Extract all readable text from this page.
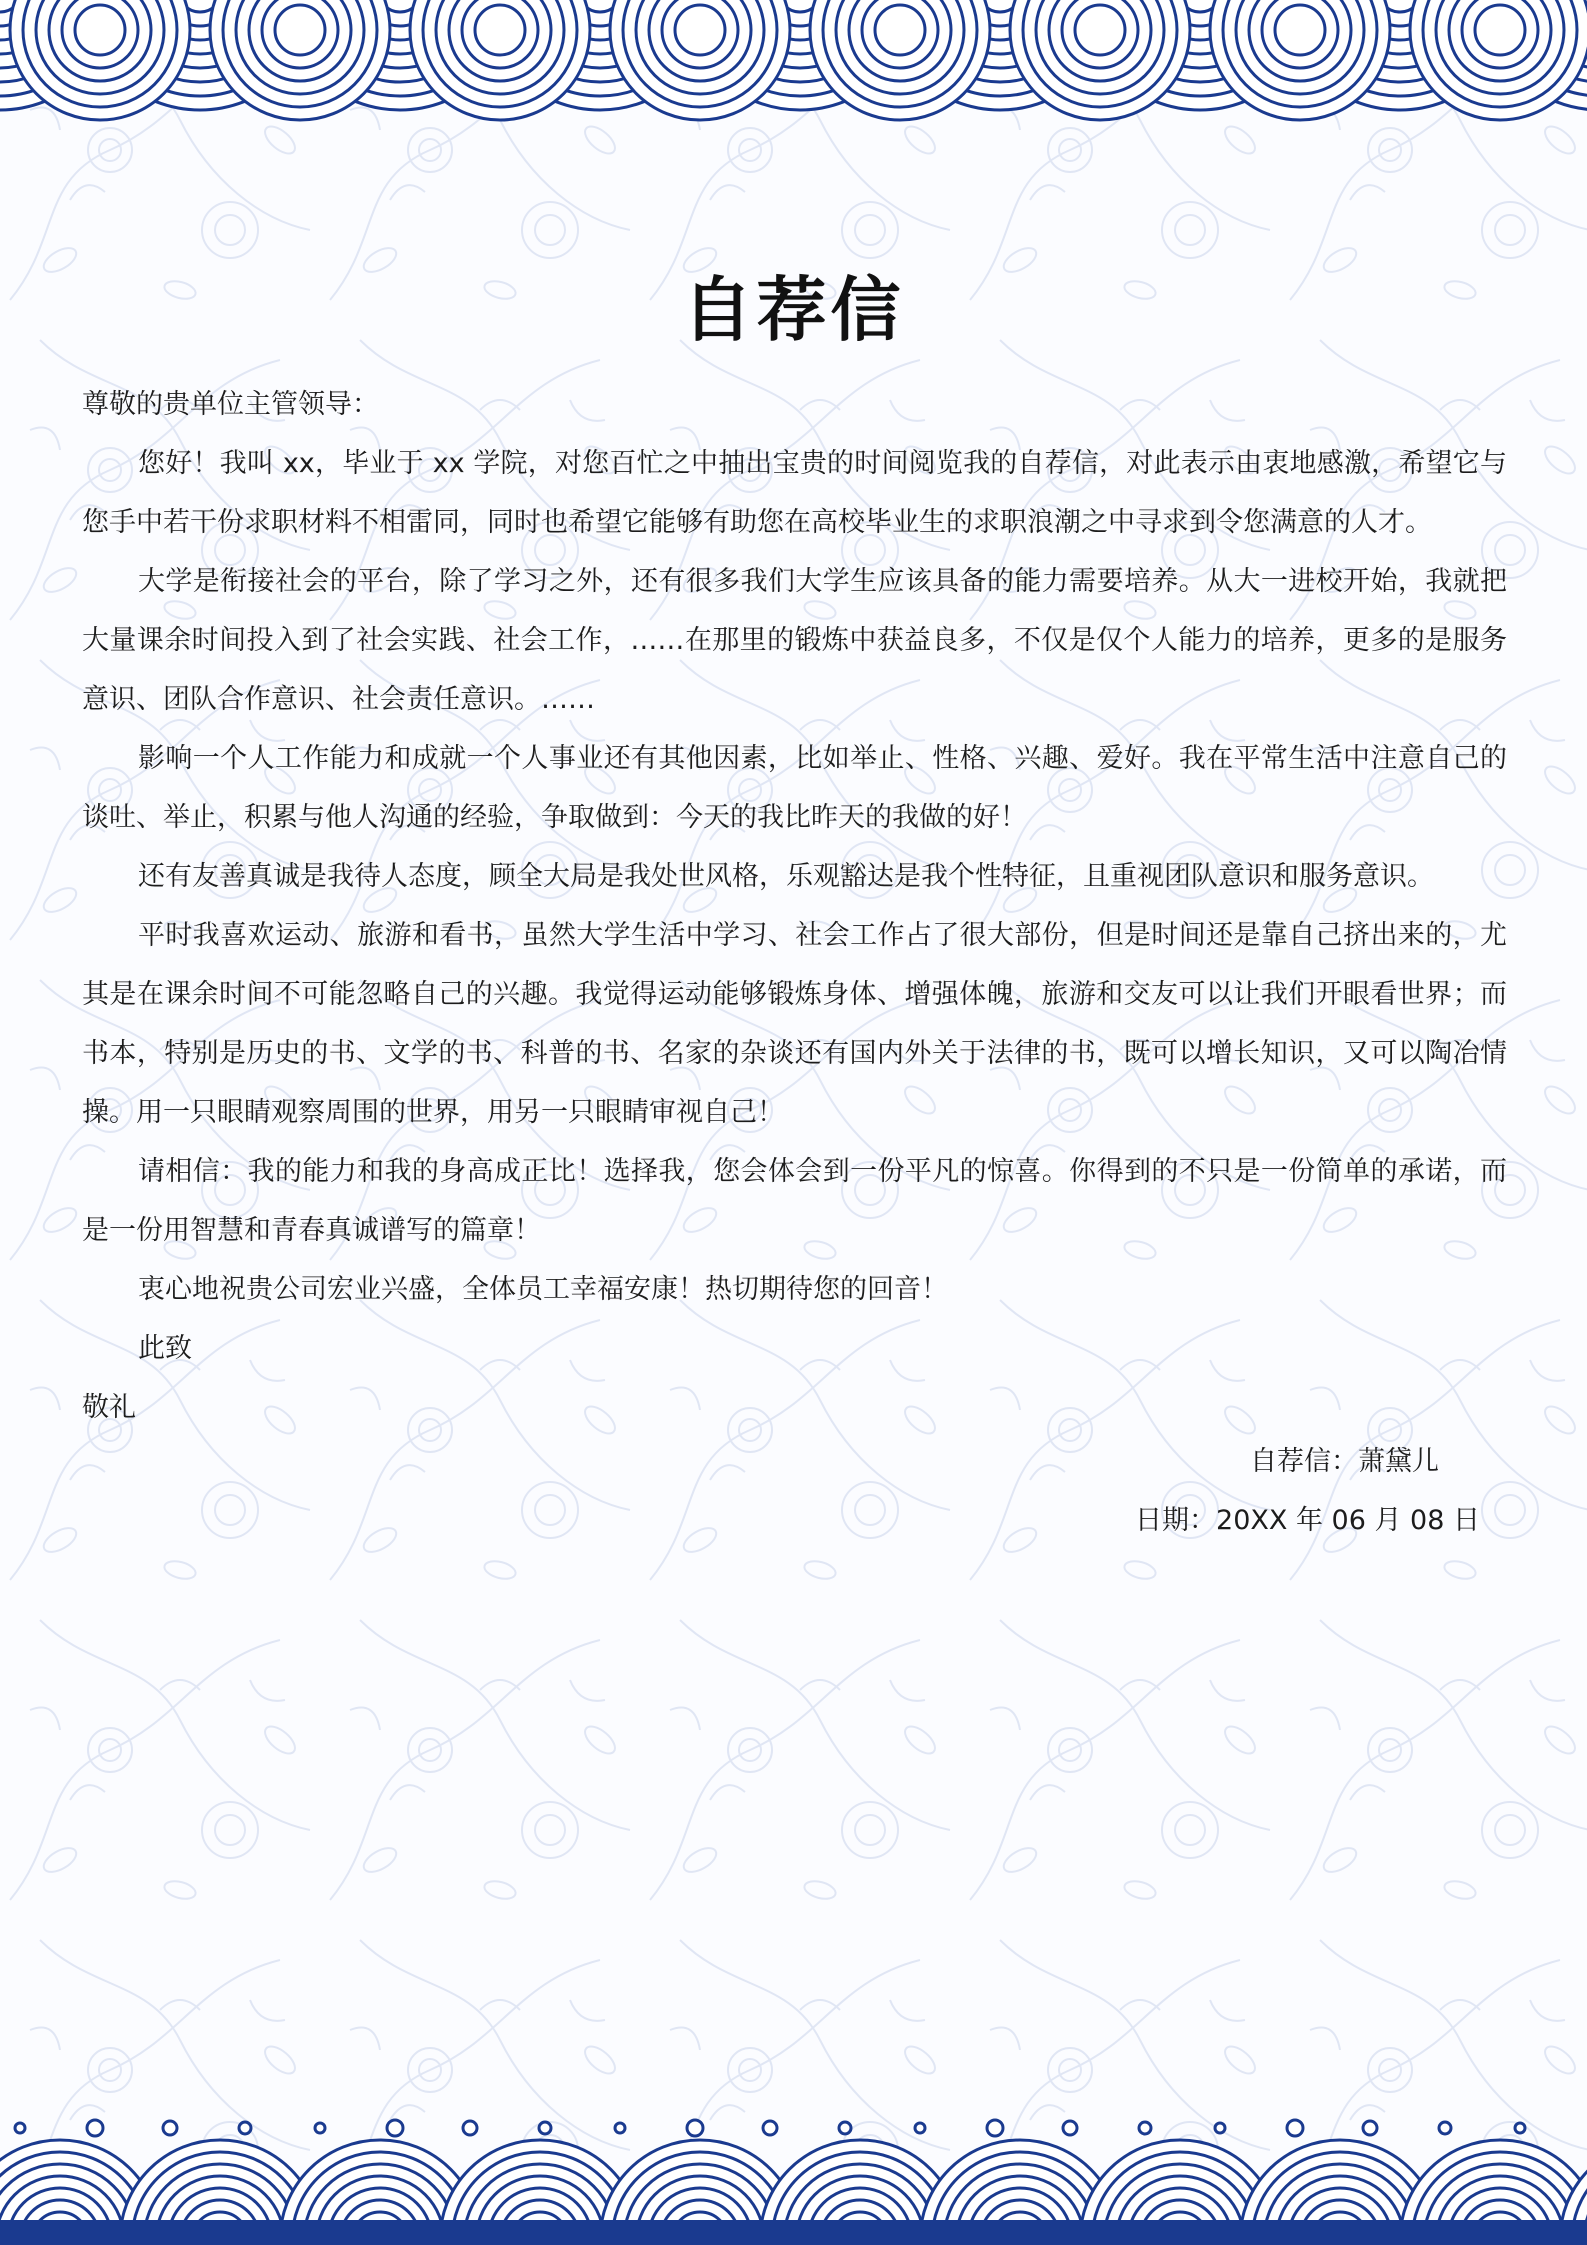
自荐信

尊敬的贵单位主管领导：

您好！我叫 xx，毕业于 xx 学院，对您百忙之中抽出宝贵的时间阅览我的自荐信，对此表示由衷地感激，希望它与您手中若干份求职材料不相雷同，同时也希望它能够有助您在高校毕业生的求职浪潮之中寻求到令您满意的人才。

大学是衔接社会的平台，除了学习之外，还有很多我们大学生应该具备的能力需要培养。从大一进校开始，我就把大量课余时间投入到了社会实践、社会工作，……在那里的锻炼中获益良多，不仅是仅个人能力的培养，更多的是服务意识、团队合作意识、社会责任意识。……

影响一个人工作能力和成就一个人事业还有其他因素，比如举止、性格、兴趣、爱好。我在平常生活中注意自己的谈吐、举止，积累与他人沟通的经验，争取做到：今天的我比昨天的我做的好！

还有友善真诚是我待人态度，顾全大局是我处世风格，乐观豁达是我个性特征，且重视团队意识和服务意识。

平时我喜欢运动、旅游和看书，虽然大学生活中学习、社会工作占了很大部份，但是时间还是靠自己挤出来的，尤其是在课余时间不可能忽略自己的兴趣。我觉得运动能够锻炼身体、增强体魄，旅游和交友可以让我们开眼看世界；而书本，特别是历史的书、文学的书、科普的书、名家的杂谈还有国内外关于法律的书，既可以增长知识，又可以陶冶情操。用一只眼睛观察周围的世界，用另一只眼睛审视自己！

请相信：我的能力和我的身高成正比！选择我，您会体会到一份平凡的惊喜。你得到的不只是一份简单的承诺，而是一份用智慧和青春真诚谱写的篇章！

衷心地祝贵公司宏业兴盛，全体员工幸福安康！热切期待您的回音！

此致

敬礼

自荐信：萧黛儿
日期：20XX 年 06 月 08 日
